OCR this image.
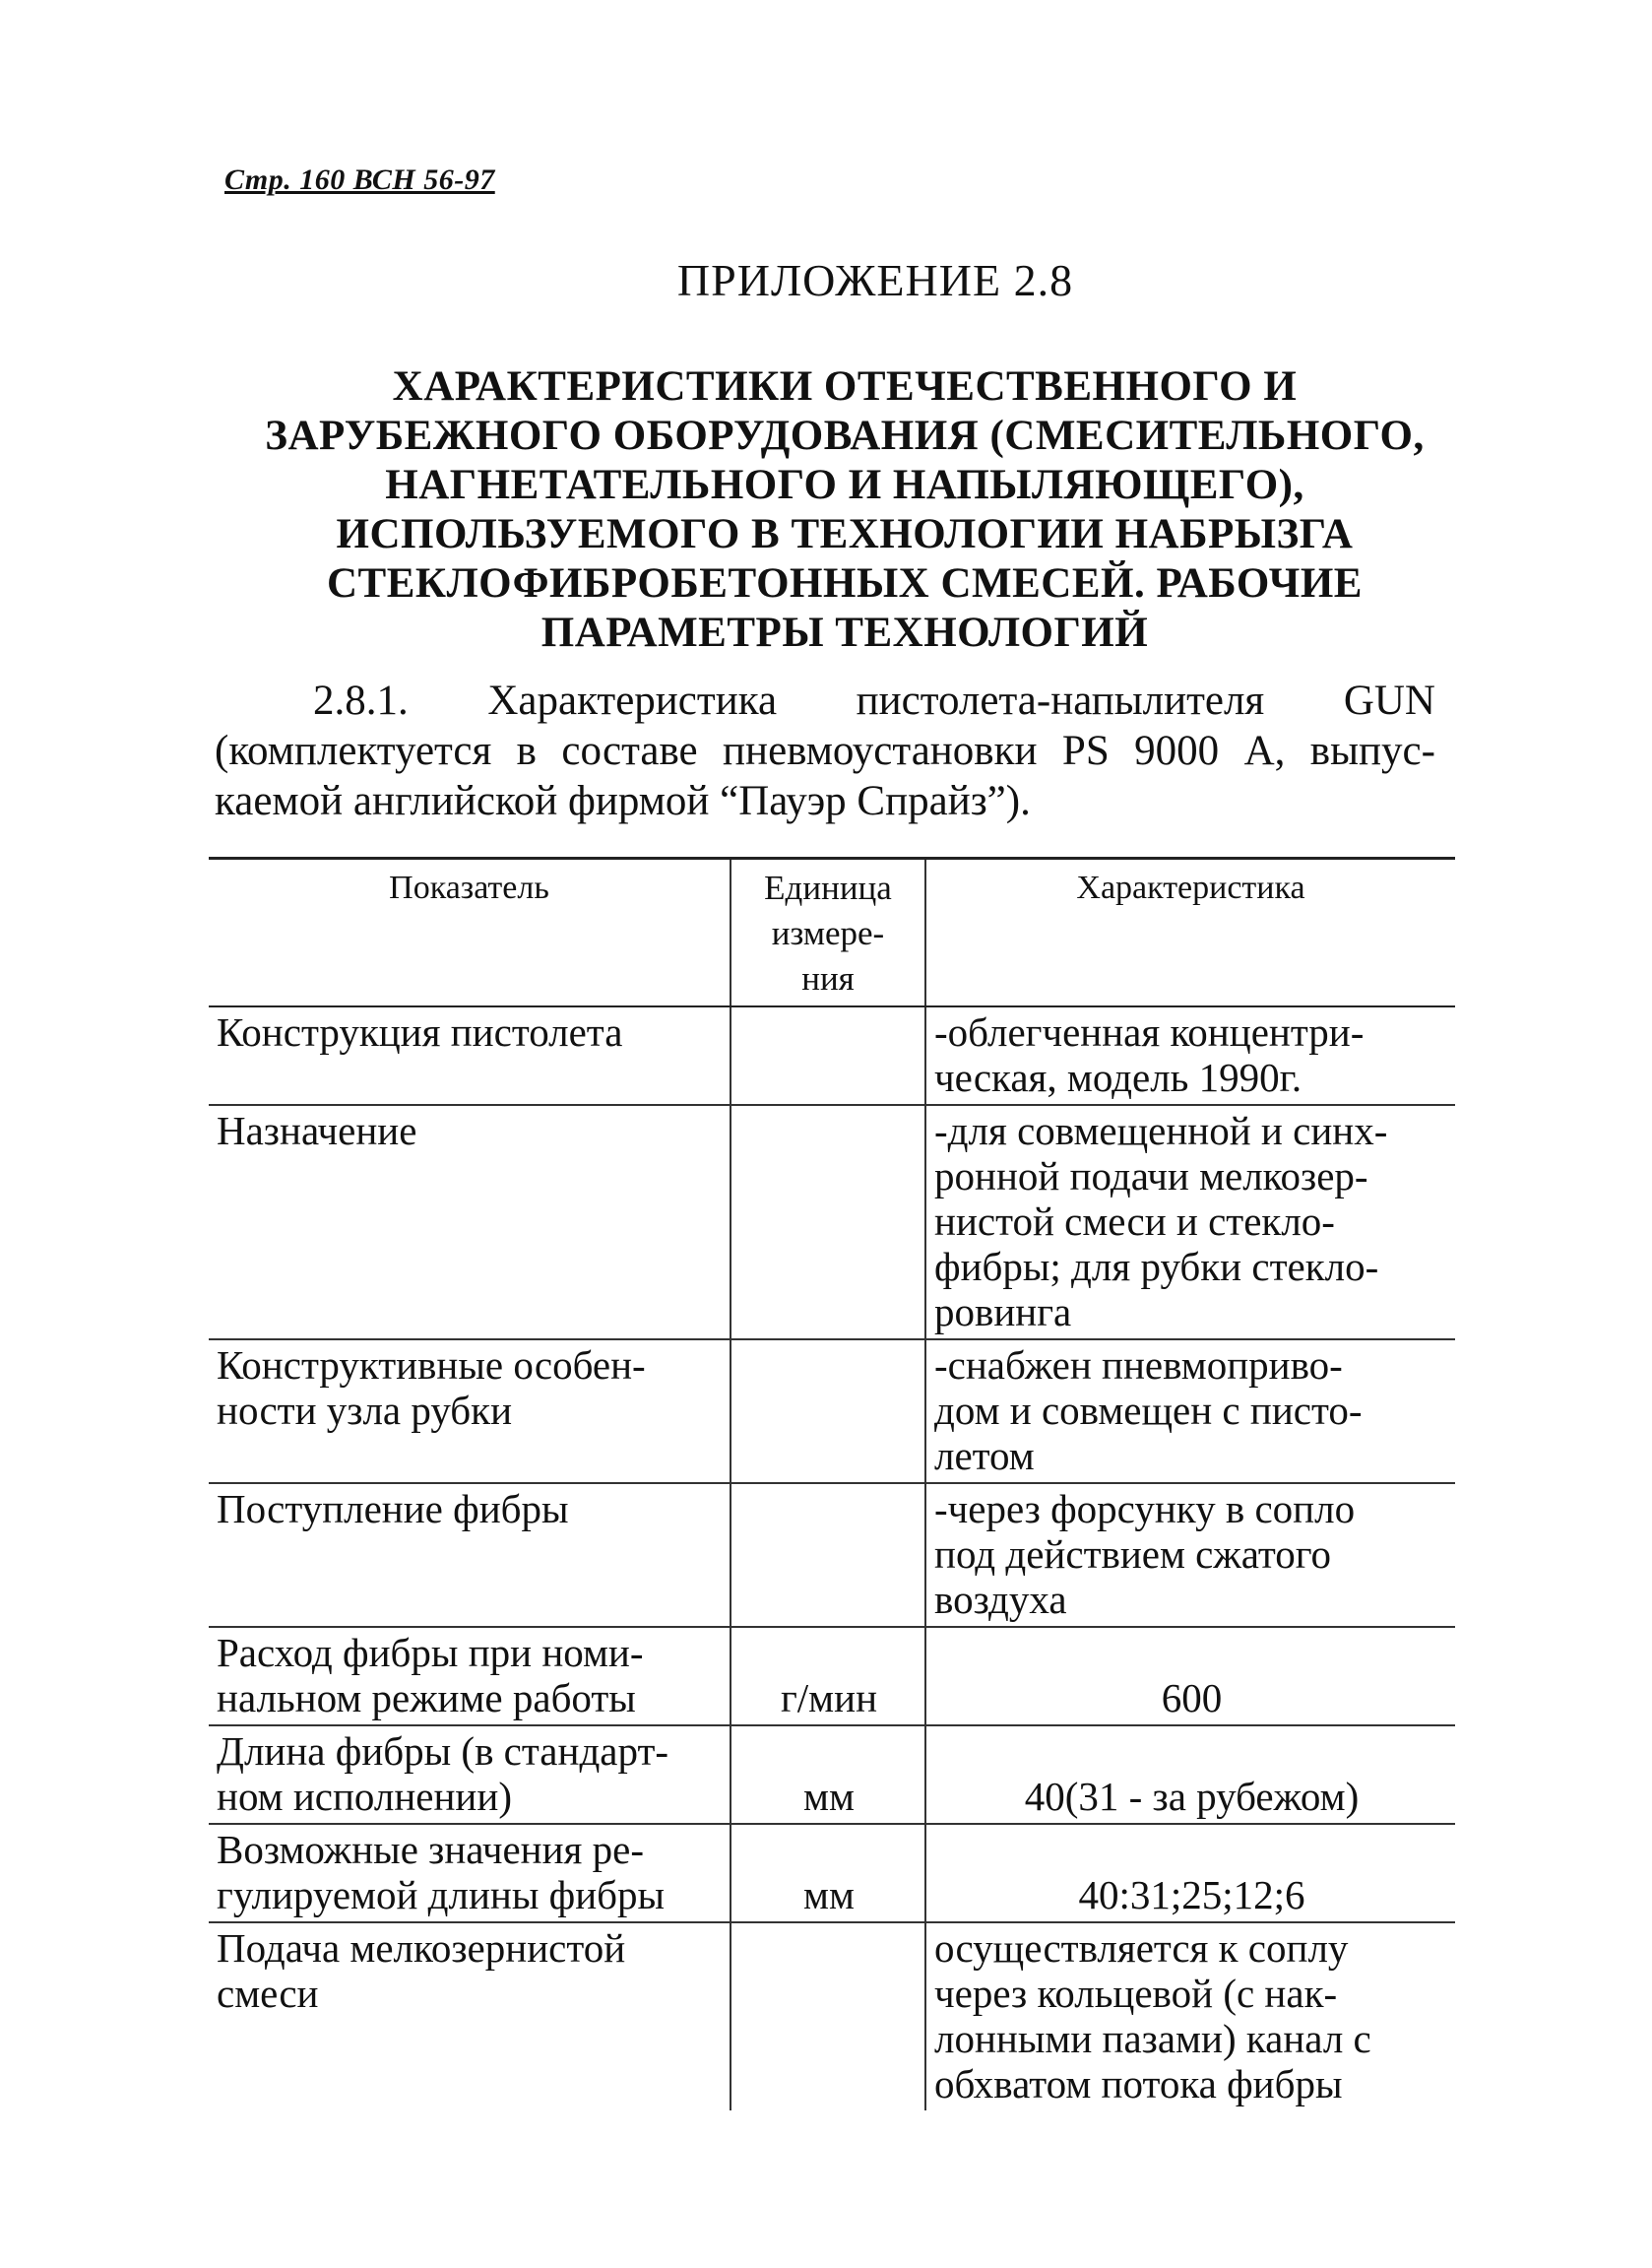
Стр. 160 ВСН 56-97
ПРИЛОЖЕНИЕ 2.8
ХАРАКТЕРИСТИКИ ОТЕЧЕСТВЕННОГО И
ЗАРУБЕЖНОГО ОБОРУДОВАНИЯ (СМЕСИТЕЛЬНОГО,
НАГНЕТАТЕЛЬНОГО И НАПЫЛЯЮЩЕГО),
ИСПОЛЬЗУЕМОГО В ТЕХНОЛОГИИ НАБРЫЗГА
СТЕКЛОФИБРОБЕТОННЫХ СМЕСЕЙ. РАБОЧИЕ
ПАРАМЕТРЫ ТЕХНОЛОГИЙ
2.8.1. Характеристика пистолета-напылителя GUN
(комплектуется в составе пневмоустановки PS 9000 А, выпус-
каемой английской фирмой “Пауэр Спрайз”).
Показатель	Единица
измере-
ния	Характеристика

Конструкция пистолета		-облегченная концентри-
ческая, модель 1990г.

Назначение		-для совмещенной и синх-
ронной подачи мелкозер-
нистой смеси и стекло-
фибры; для рубки стекло-
ровинга

Конструктивные особен-
ности узла рубки		-снабжен пневмоприво-
дом и совмещен с писто-
летом

Поступление фибры		-через форсунку в сопло
под действием сжатого
воздуха

Расход фибры при номи-
нальном режиме работы	г/мин	600

Длина фибры (в стандарт-
ном исполнении)	мм	40(31 - за рубежом)

Возможные значения ре-
гулируемой длины фибры	мм	40:31;25;12;6

Подача мелкозернистой
смеси		осуществляется к соплу
через кольцевой (с нак-
лонными пазами) канал с
обхватом потока фибры
